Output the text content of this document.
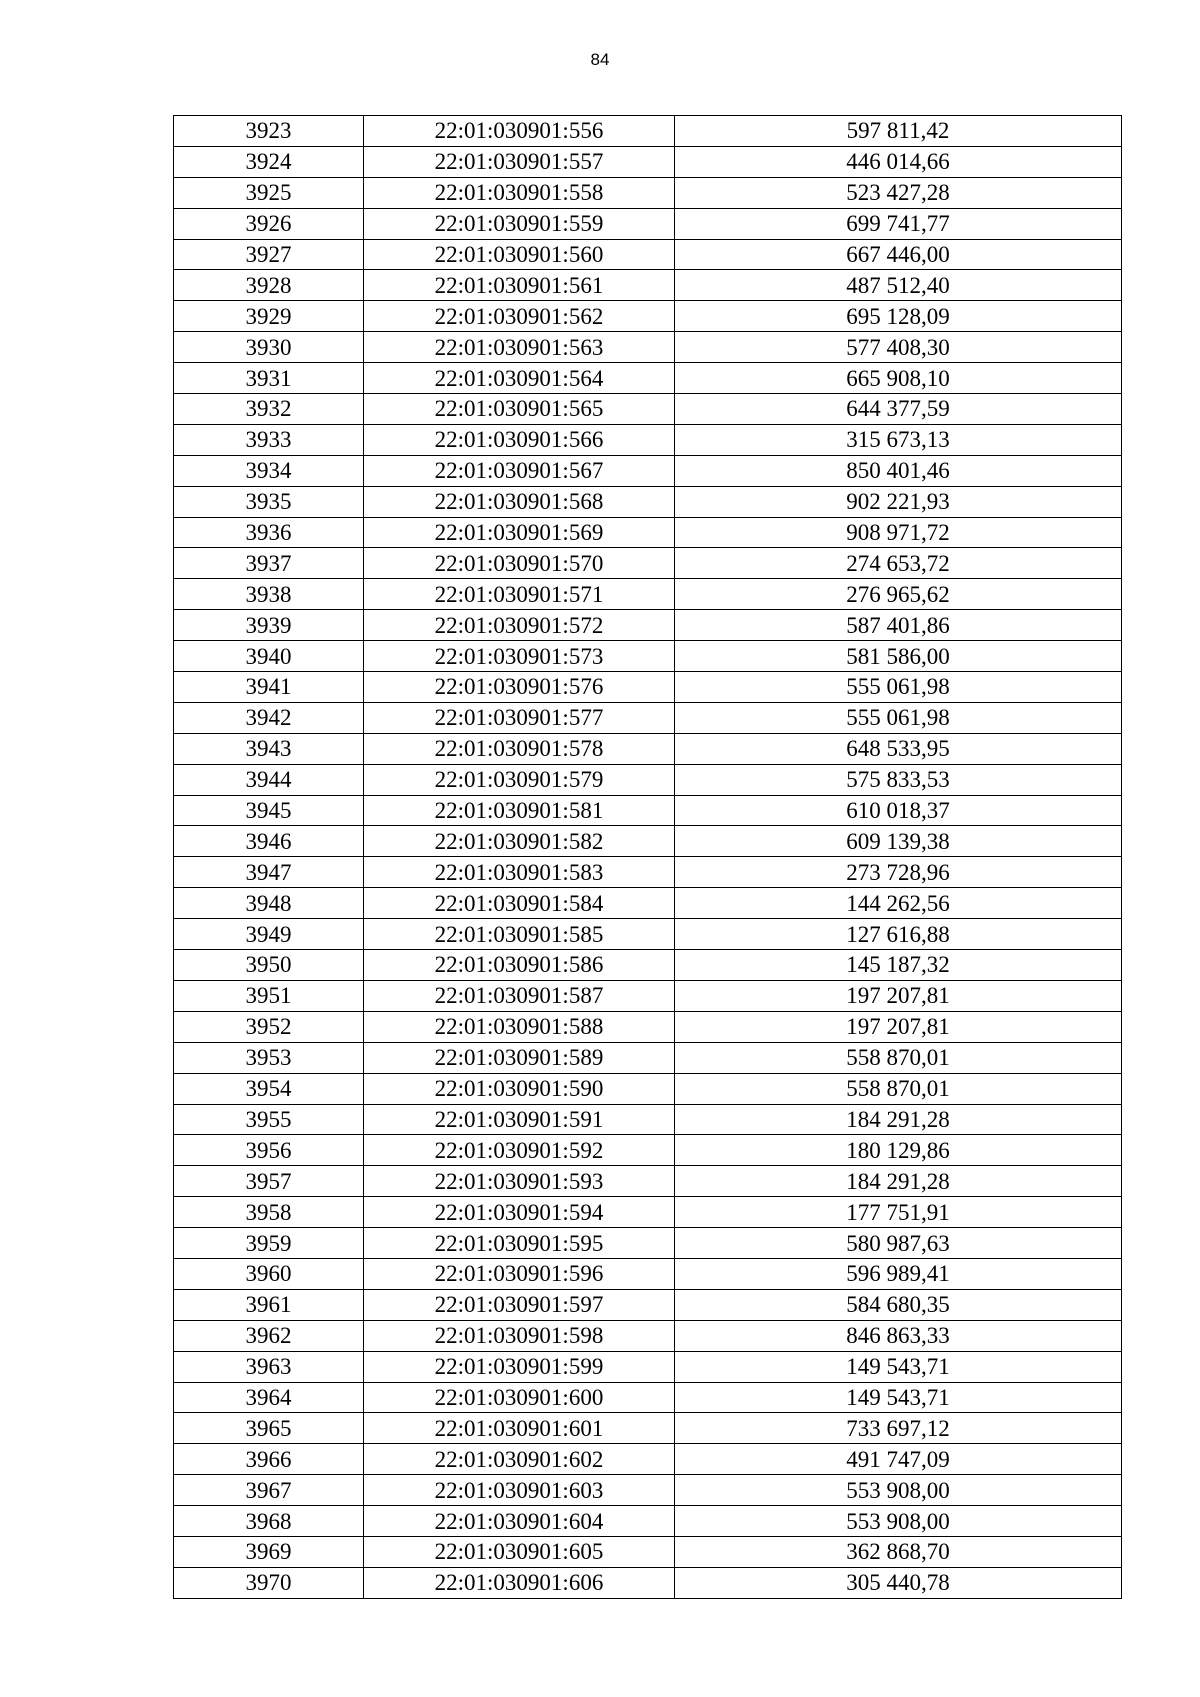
84
3923	22:01:030901:556	597 811,42
3924	22:01:030901:557	446 014,66
3925	22:01:030901:558	523 427,28
3926	22:01:030901:559	699 741,77
3927	22:01:030901:560	667 446,00
3928	22:01:030901:561	487 512,40
3929	22:01:030901:562	695 128,09
3930	22:01:030901:563	577 408,30
3931	22:01:030901:564	665 908,10
3932	22:01:030901:565	644 377,59
3933	22:01:030901:566	315 673,13
3934	22:01:030901:567	850 401,46
3935	22:01:030901:568	902 221,93
3936	22:01:030901:569	908 971,72
3937	22:01:030901:570	274 653,72
3938	22:01:030901:571	276 965,62
3939	22:01:030901:572	587 401,86
3940	22:01:030901:573	581 586,00
3941	22:01:030901:576	555 061,98
3942	22:01:030901:577	555 061,98
3943	22:01:030901:578	648 533,95
3944	22:01:030901:579	575 833,53
3945	22:01:030901:581	610 018,37
3946	22:01:030901:582	609 139,38
3947	22:01:030901:583	273 728,96
3948	22:01:030901:584	144 262,56
3949	22:01:030901:585	127 616,88
3950	22:01:030901:586	145 187,32
3951	22:01:030901:587	197 207,81
3952	22:01:030901:588	197 207,81
3953	22:01:030901:589	558 870,01
3954	22:01:030901:590	558 870,01
3955	22:01:030901:591	184 291,28
3956	22:01:030901:592	180 129,86
3957	22:01:030901:593	184 291,28
3958	22:01:030901:594	177 751,91
3959	22:01:030901:595	580 987,63
3960	22:01:030901:596	596 989,41
3961	22:01:030901:597	584 680,35
3962	22:01:030901:598	846 863,33
3963	22:01:030901:599	149 543,71
3964	22:01:030901:600	149 543,71
3965	22:01:030901:601	733 697,12
3966	22:01:030901:602	491 747,09
3967	22:01:030901:603	553 908,00
3968	22:01:030901:604	553 908,00
3969	22:01:030901:605	362 868,70
3970	22:01:030901:606	305 440,78
